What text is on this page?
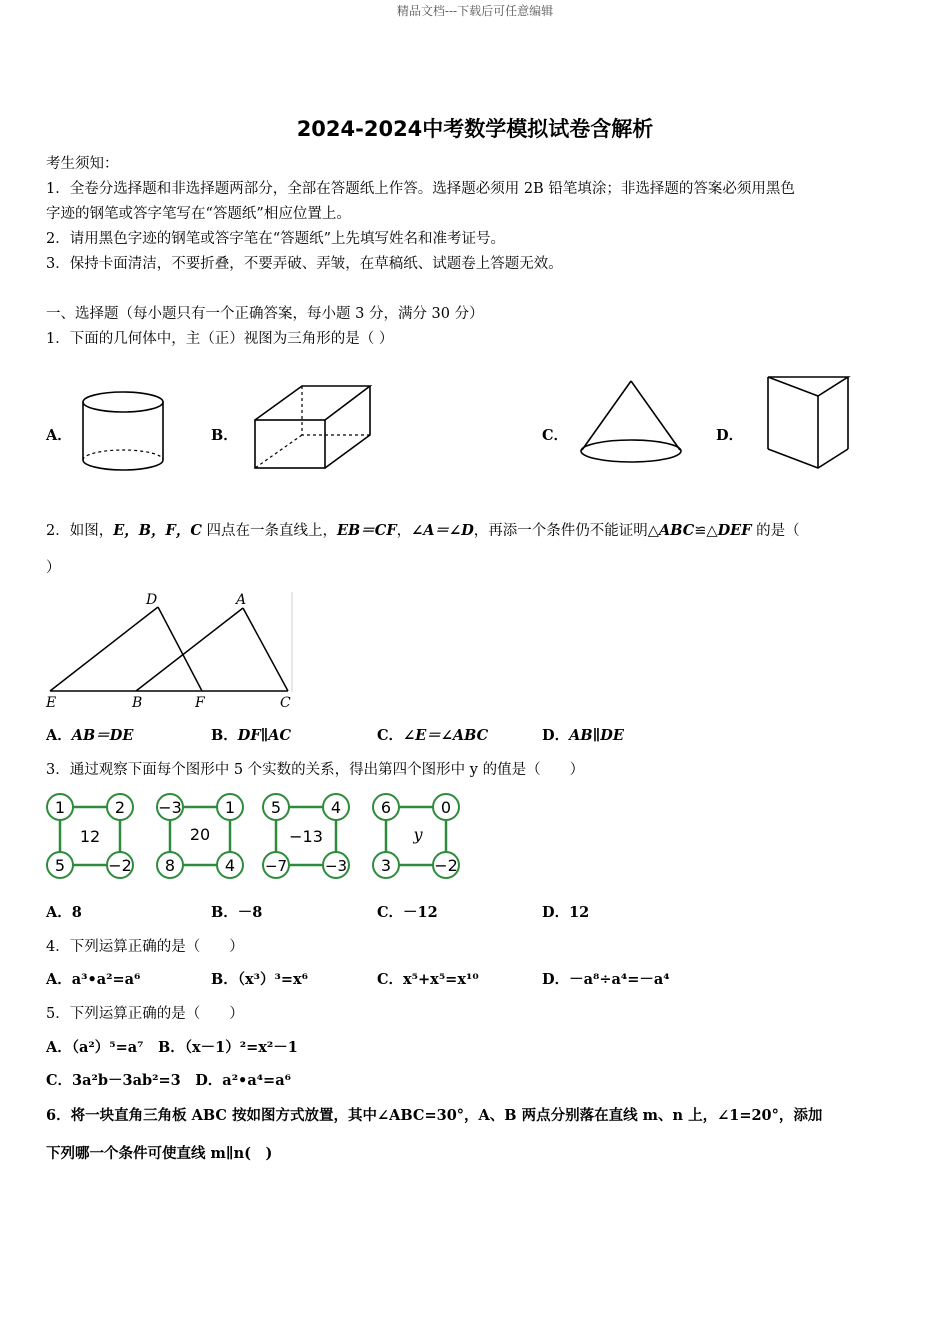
精品文档---下载后可任意编辑
2024-2024中考数学模拟试卷含解析
考生须知：
1．全卷分选择题和非选择题两部分，全部在答题纸上作答。选择题必须用 2B 铅笔填涂；非选择题的答案必须用黑色
字迹的钢笔或答字笔写在“答题纸”相应位置上。
2．请用黑色字迹的钢笔或答字笔在“答题纸”上先填写姓名和准考证号。
3．保持卡面清洁，不要折叠，不要弄破、弄皱，在草稿纸、试题卷上答题无效。
一、选择题（每小题只有一个正确答案，每小题 3 分，满分 30 分）
1．下面的几何体中，主（正）视图为三角形的是（ ）
A．	B．	C．	D．
2．如图，E，B，F，C 四点在一条直线上，EB＝CF，∠A＝∠D，再添一个条件仍不能证明△ABC≌△DEF 的是（
）
D	A
E	B	F	C
A．AB＝DE	B．DF∥AC	C．∠E＝∠ABC	D．AB∥DE
3．通过观察下面每个图形中 5 个实数的关系，得出第四个图形中 y 的值是（　　）
1	2
5	−2
12
−3	1
8	4
20
5	4
−7	−3
−13
6	0
3	−2
y
A．8	B．－8	C．－12	D．12
4．下列运算正确的是（　　）
A．a³•a²=a⁶	B．（x³）³=x⁶	C．x⁵+x⁵=x¹⁰	D．－a⁸÷a⁴=－a⁴
5．下列运算正确的是（　　）
A．（a²）⁵=a⁷　B．（x－1）²=x²－1
C．3a²b－3ab²=3　D．a²•a⁴=a⁶
6．将一块直角三角板 ABC 按如图方式放置，其中∠ABC=30°，A、B 两点分别落在直线 m、n 上，∠1=20°，添加
下列哪一个条件可使直线 m∥n(　)
